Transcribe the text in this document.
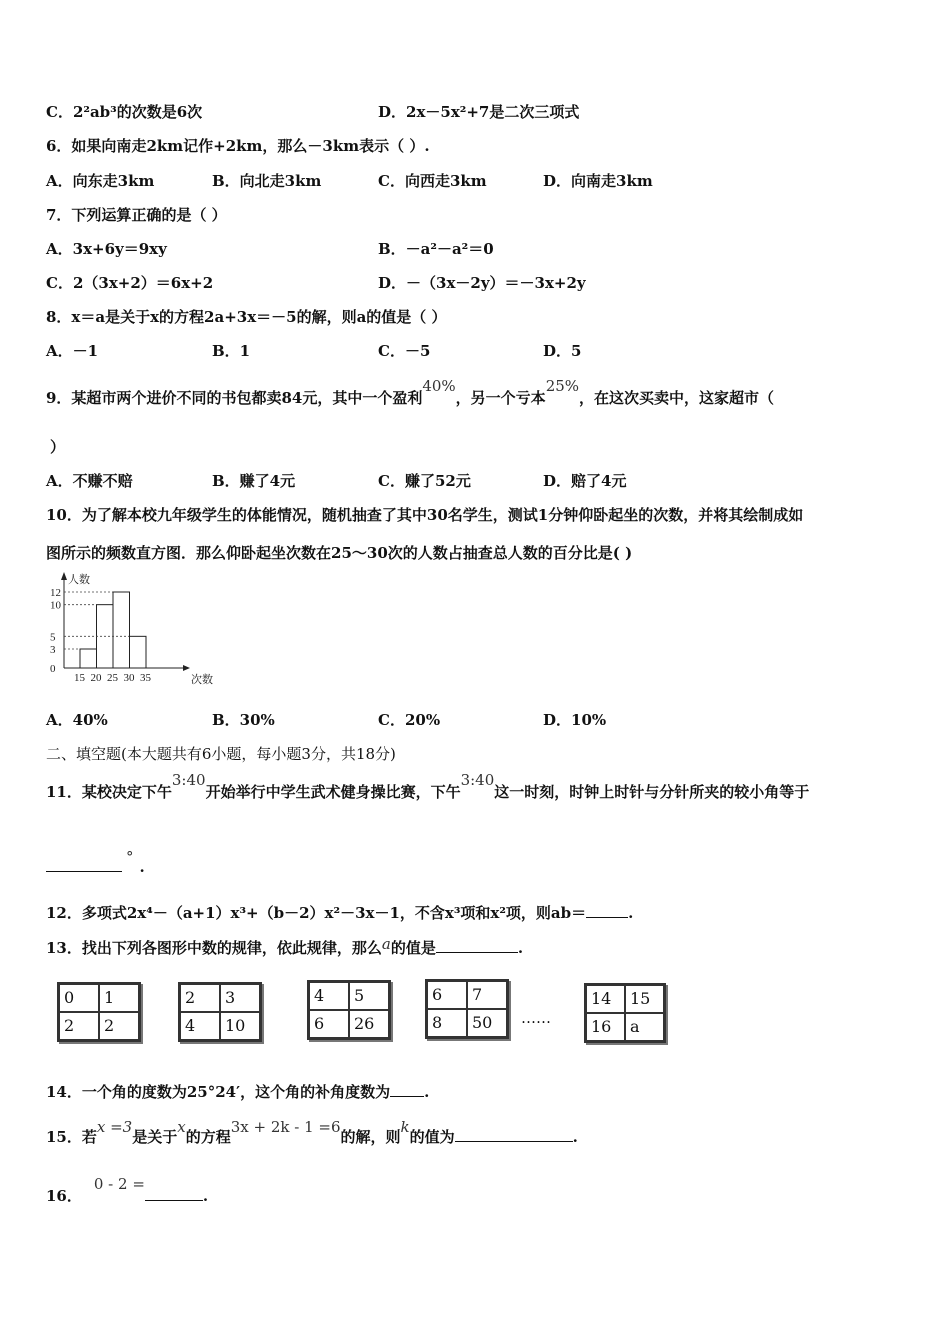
C．2²ab³的次数是6次	D．2x－5x²+7是二次三项式
6．如果向南走2km记作+2km，那么－3km表示（ ）.
A．向东走3km	B．向北走3km	C．向西走3km	D．向南走3km
7．下列运算正确的是（ ）
A．3x+6y＝9xy	B．－a²－a²＝0
C．2（3x+2）＝6x+2	D．－（3x－2y）＝－3x+2y
8．x＝a是关于x的方程2a+3x＝－5的解，则a的值是（ ）
A．－1	B．1	C．－5	D．5
9．某超市两个进价不同的书包都卖84元，其中一个盈利40%，另一个亏本25%，在这次买卖中，这家超市（
）
A．不赚不赔	B．赚了4元	C．赚了52元	D．赔了4元
10．为了解本校九年级学生的体能情况，随机抽查了其中30名学生，测试1分钟仰卧起坐的次数，并将其绘制成如
图所示的频数直方图．那么仰卧起坐次数在25～30次的人数占抽查总人数的百分比是( )
0
3
5
10
12
15 20 25 30 35
人数
次数
A．40%	B．30%	C．20%	D．10%
二、填空题(本大题共有6小题，每小题3分，共18分)
11．某校决定下午3:40开始举行中学生武术健身操比赛，下午3:40这一时刻，时钟上时针与分针所夹的较小角等于
°.
12．多项式2x⁴－（a+1）x³+（b－2）x²－3x－1，不含x³项和x²项，则ab＝	.
13．找出下列各图形中数的规律，依此规律，那么a的值是	.
0	1
2	2
2	3
4	10
4	5
6	26
6	7
8	50	……
14	15
16	a
14．一个角的度数为25°24′，这个角的补角度数为 .
15．若x =3是关于x的方程3x + 2k - 1 =6的解，则k的值为	.
16．0 - 2 =.
